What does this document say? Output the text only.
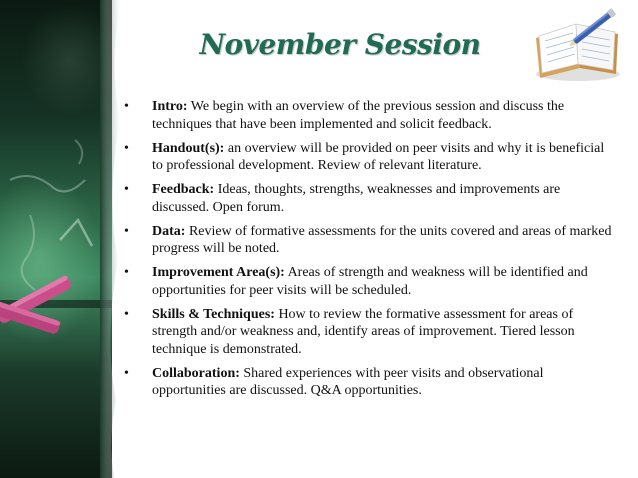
November Session
•	Intro: We begin with an overview of the previous session and discuss the techniques that have been implemented and solicit feedback.
•	Handout(s): an overview will be provided on peer visits and why it is beneficial to professional development. Review of relevant literature.
•	Feedback: Ideas, thoughts, strengths, weaknesses and improvements are discussed. Open forum.
•	Data: Review of formative assessments for the units covered and areas of marked progress will be noted.
•	Improvement Area(s): Areas of strength and weakness will be identified and opportunities for peer visits will be scheduled.
•	Skills & Techniques: How to review the formative assessment for areas of strength and/or weakness and, identify areas of improvement. Tiered lesson technique is demonstrated.
•	Collaboration: Shared experiences with peer visits and observational opportunities are discussed. Q&A opportunities.
